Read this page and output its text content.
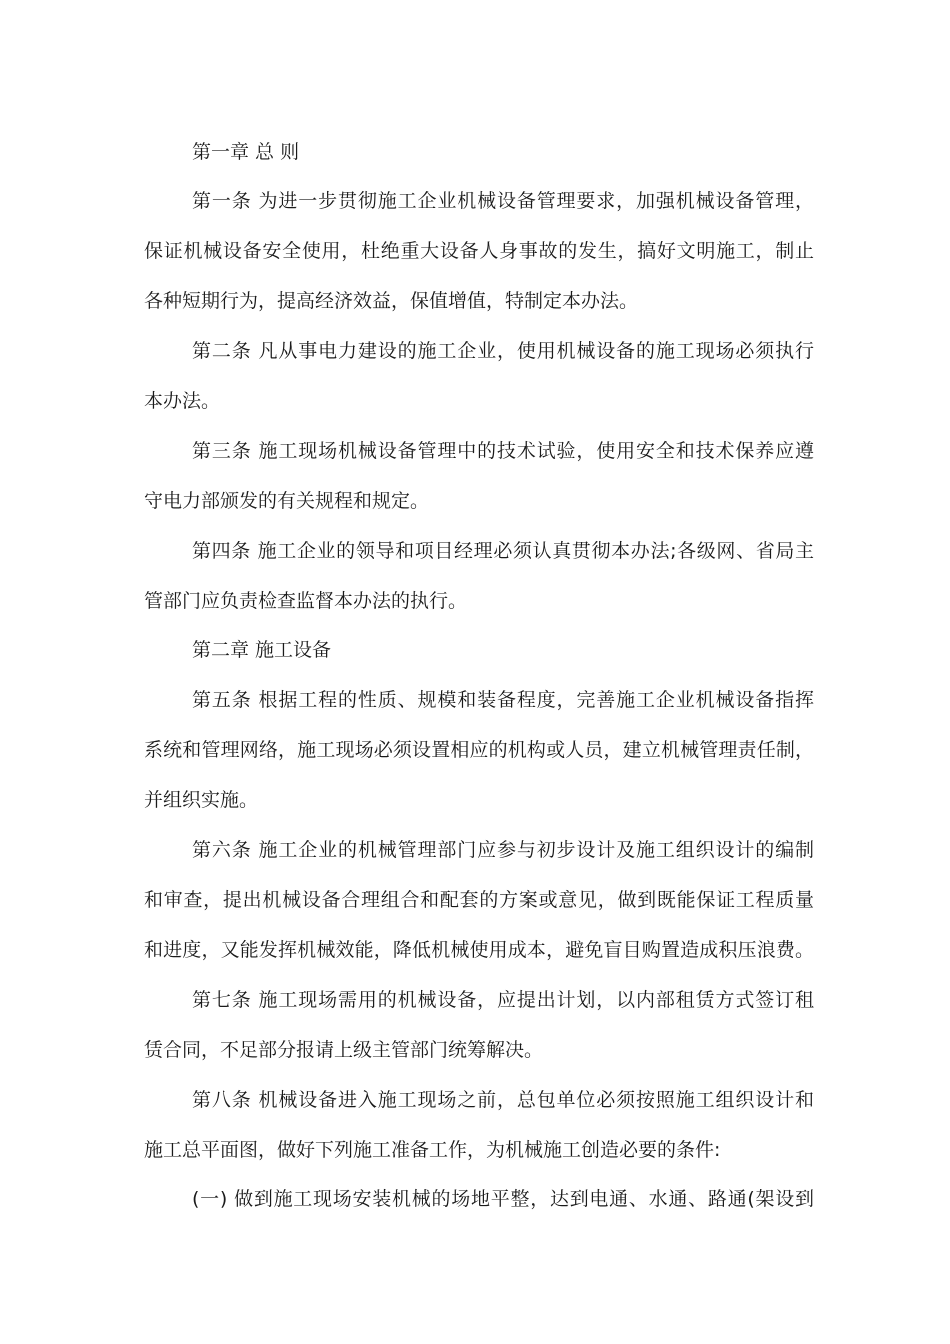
第一章 总 则
第一条 为进一步贯彻施工企业机械设备管理要求，加强机械设备管理，
保证机械设备安全使用，杜绝重大设备人身事故的发生，搞好文明施工，制止
各种短期行为，提高经济效益，保值增值，特制定本办法。
第二条 凡从事电力建设的施工企业，使用机械设备的施工现场必须执行
本办法。
第三条 施工现场机械设备管理中的技术试验，使用安全和技术保养应遵
守电力部颁发的有关规程和规定。
第四条 施工企业的领导和项目经理必须认真贯彻本办法;各级网、省局主
管部门应负责检查监督本办法的执行。
第二章 施工设备
第五条 根据工程的性质、规模和装备程度，完善施工企业机械设备指挥
系统和管理网络，施工现场必须设置相应的机构或人员，建立机械管理责任制，
并组织实施。
第六条 施工企业的机械管理部门应参与初步设计及施工组织设计的编制
和审查，提出机械设备合理组合和配套的方案或意见，做到既能保证工程质量
和进度，又能发挥机械效能，降低机械使用成本，避免盲目购置造成积压浪费。
第七条 施工现场需用的机械设备，应提出计划，以内部租赁方式签订租
赁合同，不足部分报请上级主管部门统筹解决。
第八条 机械设备进入施工现场之前，总包单位必须按照施工组织设计和
施工总平面图，做好下列施工准备工作，为机械施工创造必要的条件:
(一) 做到施工现场安装机械的场地平整，达到电通、水通、路通(架设到
